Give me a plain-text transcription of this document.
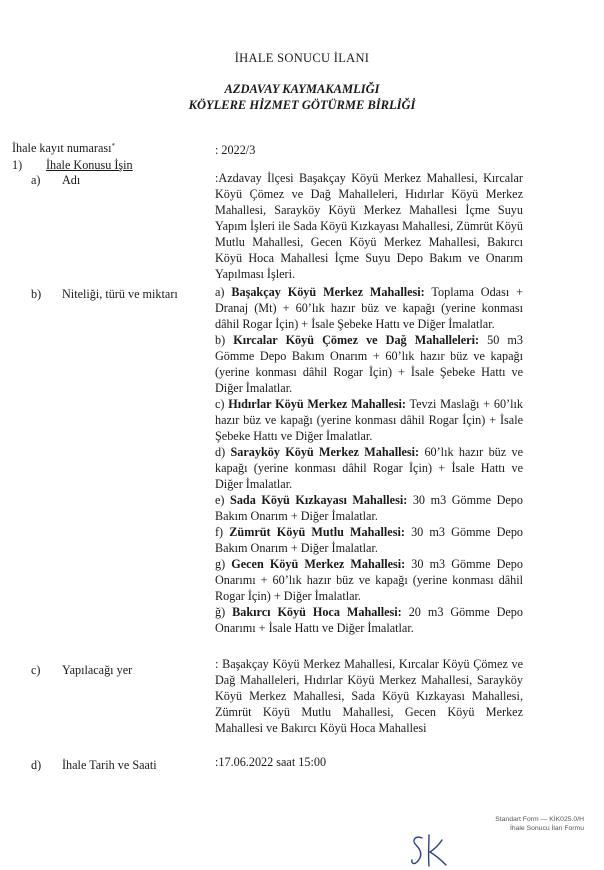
İHALE SONUCU İLANI
AZDAVAY KAYMAKAMLIĞI
KÖYLERE HİZMET GÖTÜRME BİRLİĞİ
İhale kayıt numarası*	: 2022/3
1) İhale Konusu İşin
a) Adı	:Azdavay İlçesi Başakçay Köyü Merkez Mahallesi, Kırcalar Köyü Çömez ve Dağ Mahalleleri, Hıdırlar Köyü Merkez Mahallesi, Sarayköy Köyü Merkez Mahallesi İçme Suyu Yapım İşleri ile Sada Köyü Kızkayası Mahallesi, Zümrüt Köyü Mutlu Mahallesi, Gecen Köyü Merkez Mahallesi, Bakırcı Köyü Hoca Mahallesi İçme Suyu Depo Bakım ve Onarım Yapılması İşleri.
b) Niteliği, türü ve miktarı	a) Başakçay Köyü Merkez Mahallesi: Toplama Odası + Dranaj (Mt) + 60’lık hazır büz ve kapağı (yerine konması dâhil Rogar İçin) + İsale Şebeke Hattı ve Diğer İmalatlar.

b) Kırcalar Köyü Çömez ve Dağ Mahalleleri: 50 m3 Gömme Depo Bakım Onarım + 60’lık hazır büz ve kapağı (yerine konması dâhil Rogar İçin) + İsale Şebeke Hattı ve Diğer İmalatlar.

c) Hıdırlar Köyü Merkez Mahallesi: Tevzi Maslağı + 60’lık hazır büz ve kapağı (yerine konması dâhil Rogar İçin) + İsale Şebeke Hattı ve Diğer İmalatlar.

d) Sarayköy Köyü Merkez Mahallesi: 60’lık hazır büz ve kapağı (yerine konması dâhil Rogar İçin) + İsale Hattı ve Diğer İmalatlar.

e) Sada Köyü Kızkayası Mahallesi: 30 m3 Gömme Depo Bakım Onarım + Diğer İmalatlar.

f) Zümrüt Köyü Mutlu Mahallesi: 30 m3 Gömme Depo Bakım Onarım + Diğer İmalatlar.

g) Gecen Köyü Merkez Mahallesi: 30 m3 Gömme Depo Onarımı + 60’lık hazır büz ve kapağı (yerine konması dâhil Rogar İçin) + Diğer İmalatlar.

ğ) Bakırcı Köyü Hoca Mahallesi: 20 m3 Gömme Depo Onarımı + İsale Hattı ve Diğer İmalatlar.

c) Yapılacağı yer	: Başakçay Köyü Merkez Mahallesi, Kırcalar Köyü Çömez ve Dağ Mahalleleri, Hıdırlar Köyü Merkez Mahallesi, Sarayköy Köyü Merkez Mahallesi, Sada Köyü Kızkayası Mahallesi, Zümrüt Köyü Mutlu Mahallesi, Gecen Köyü Merkez Mahallesi ve Bakırcı Köyü Hoca Mahallesi
d) İhale Tarih ve Saati	:17.06.2022 saat 15:00
Standart Form — KİK025.0/H
İhale Sonucu İlan Formu
